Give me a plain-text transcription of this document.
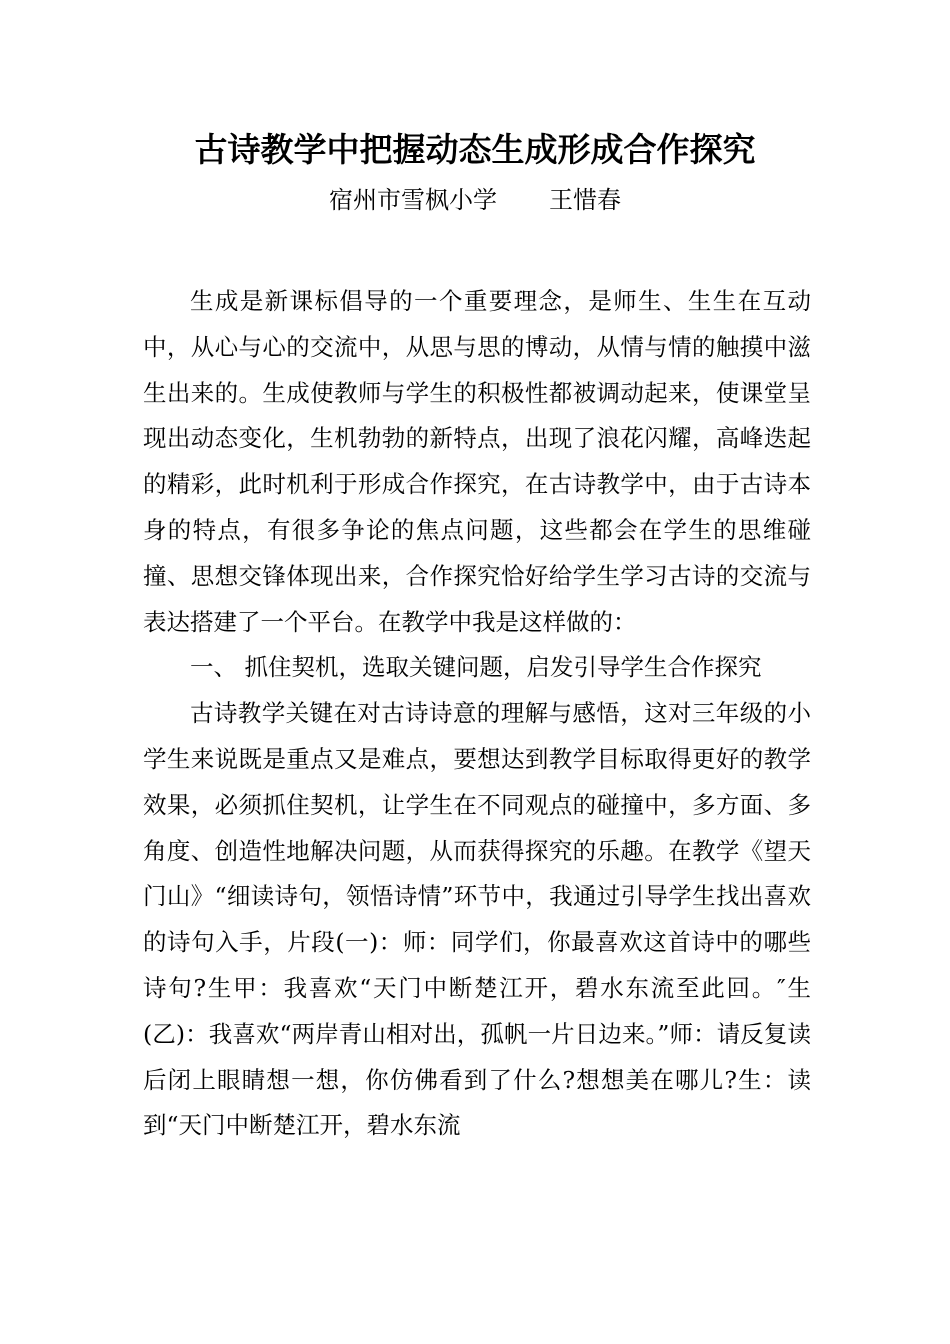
古诗教学中把握动态生成形成合作探究
宿州市雪枫小学 王惜春

生成是新课标倡导的一个重要理念，是师生、生生在互动中，从心与心的交流中，从思与思的博动，从情与情的触摸中滋生出来的。生成使教师与学生的积极性都被调动起来，使课堂呈现出动态变化，生机勃勃的新特点，出现了浪花闪耀，高峰迭起的精彩，此时机利于形成合作探究，在古诗教学中，由于古诗本身的特点，有很多争论的焦点问题，这些都会在学生的思维碰撞、思想交锋体现出来，合作探究恰好给学生学习古诗的交流与表达搭建了一个平台。在教学中我是这样做的：

一、 抓住契机，选取关键问题，启发引导学生合作探究

古诗教学关键在对古诗诗意的理解与感悟，这对三年级的小学生来说既是重点又是难点，要想达到教学目标取得更好的教学效果，必须抓住契机，让学生在不同观点的碰撞中，多方面、多角度、创造性地解决问题，从而获得探究的乐趣。在教学《望天门山》“细读诗句，领悟诗情”环节中，我通过引导学生找出喜欢的诗句入手，片段(一)：师：同学们，你最喜欢这首诗中的哪些诗句?生甲：我喜欢“天门中断楚江开，碧水东流至此回。″生(乙)：我喜欢“两岸青山相对出，孤帆一片日边来。”师：请反复读后闭上眼睛想一想，你仿佛看到了什么?想想美在哪儿?生：读到“天门中断楚江开，碧水东流
